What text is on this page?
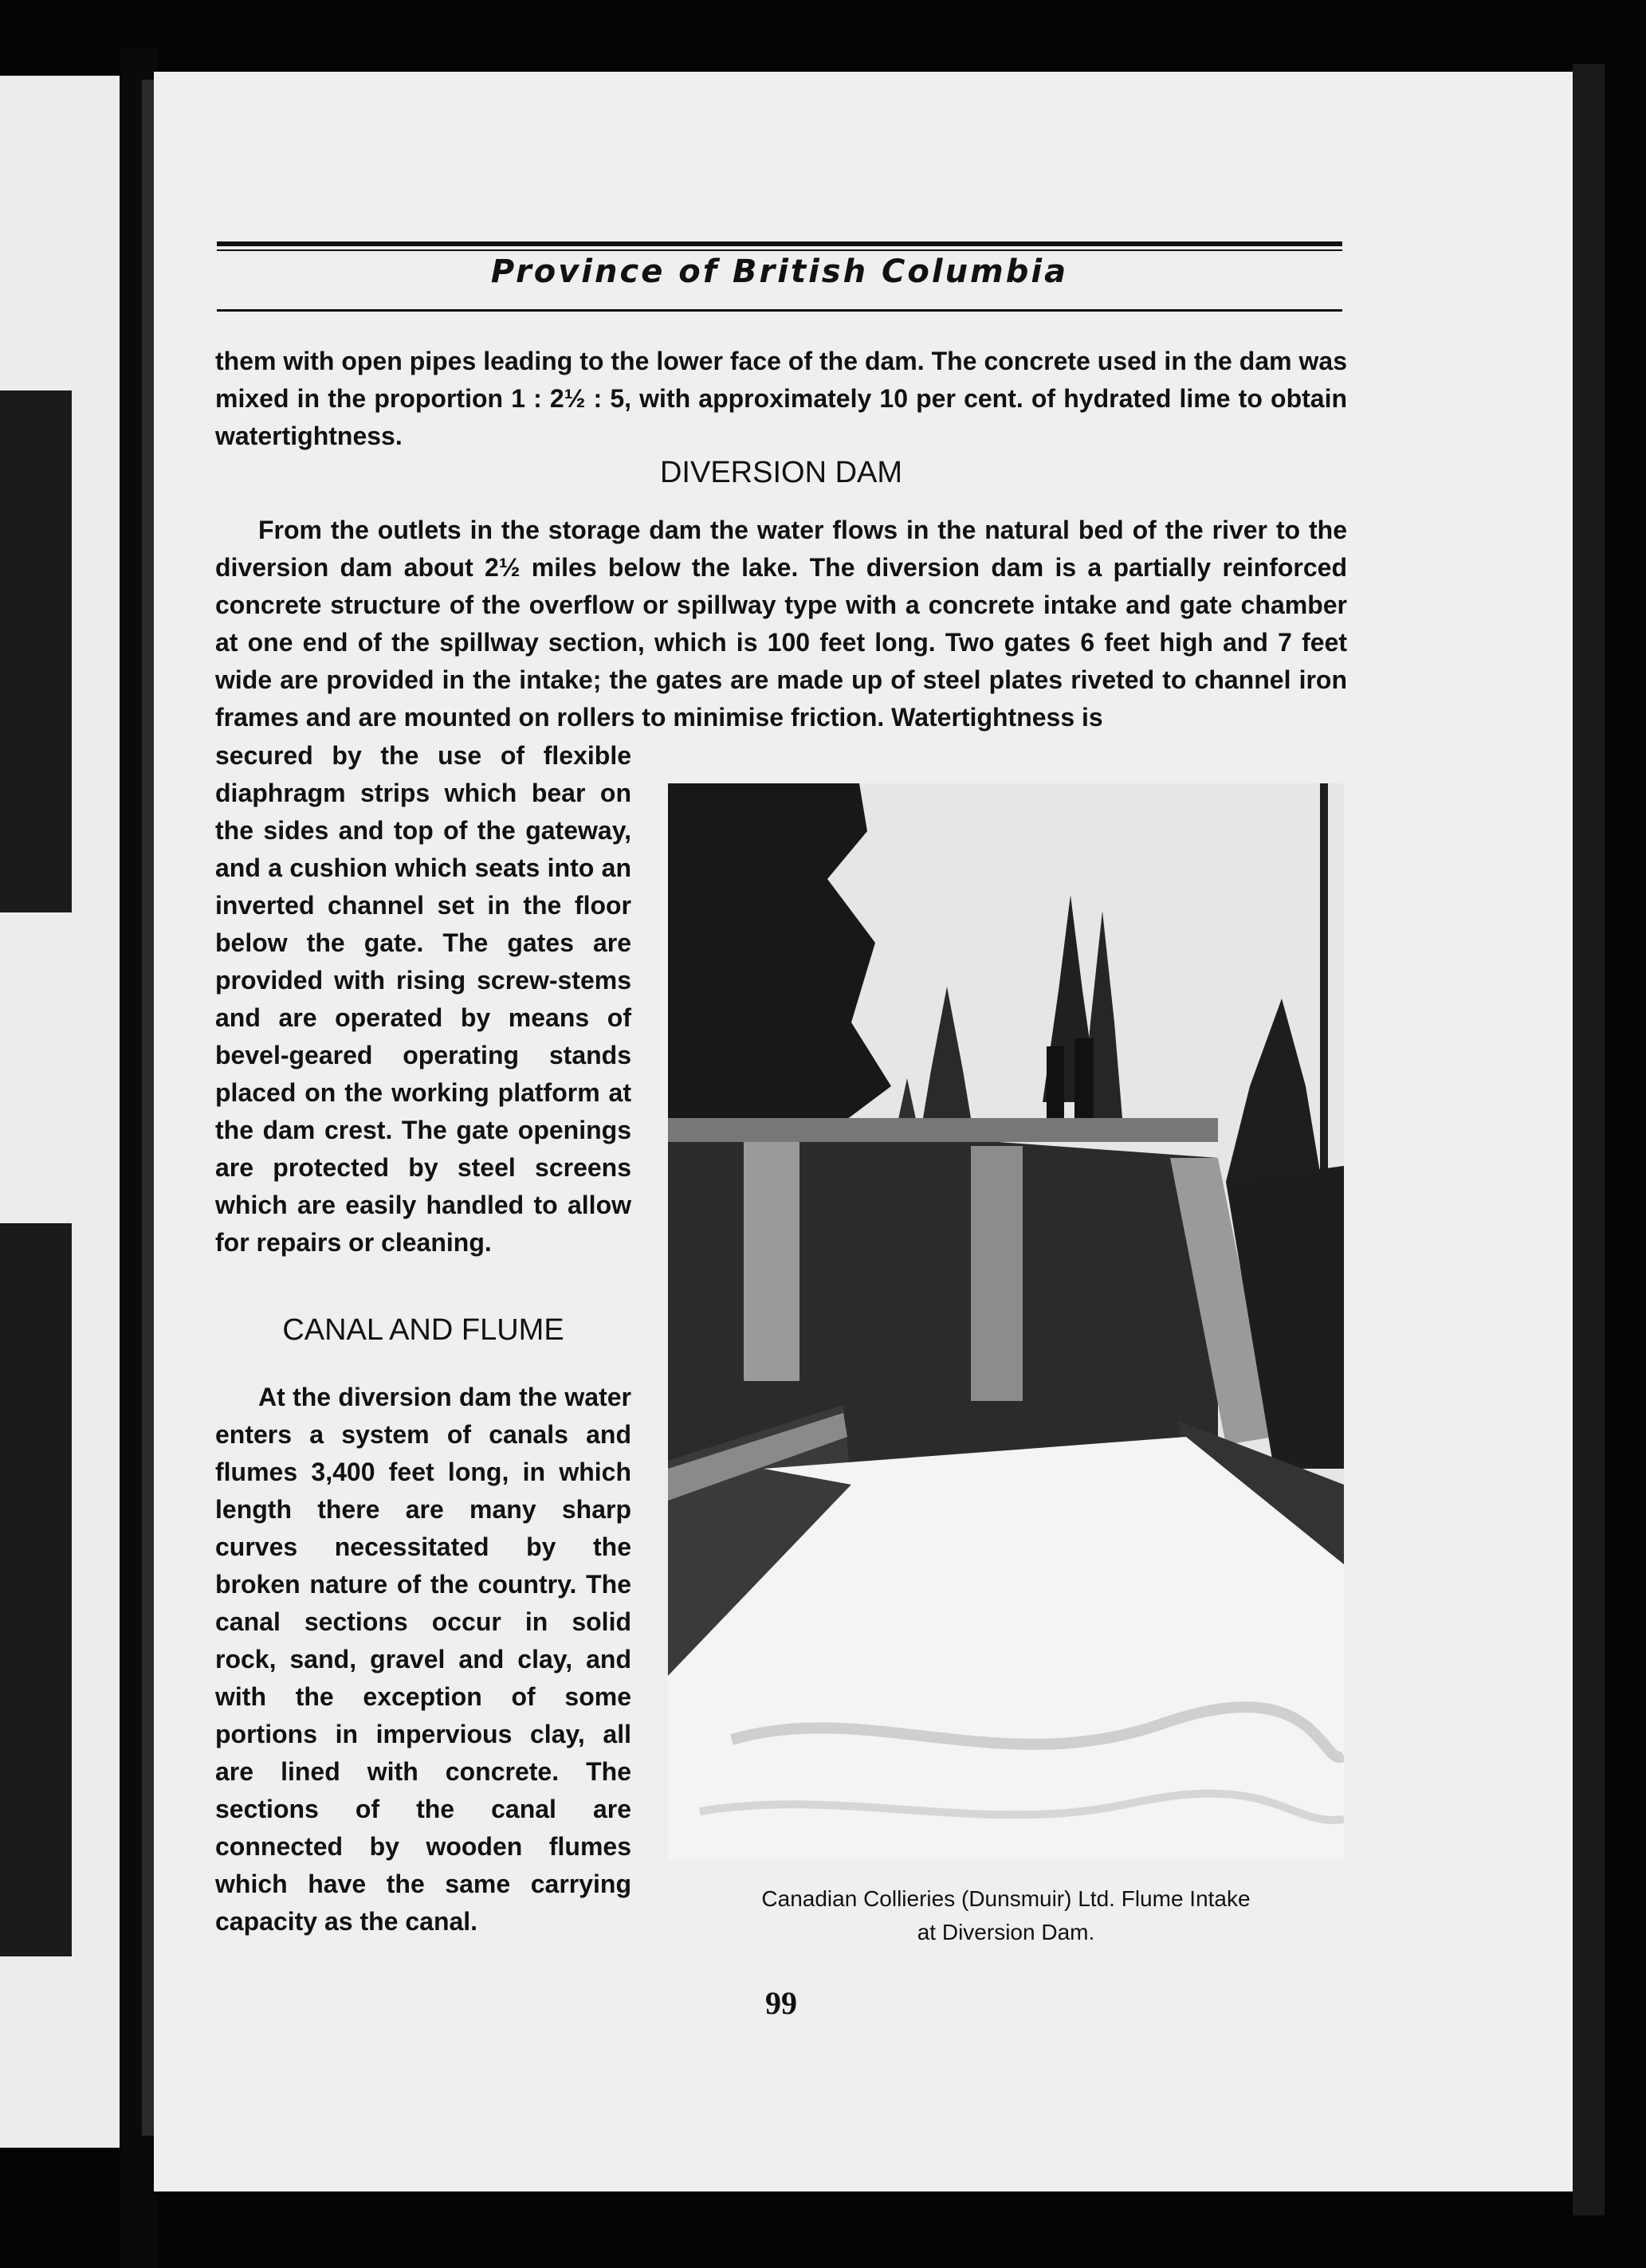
Province of British Columbia

them with open pipes leading to the lower face of the dam. The concrete used in the dam was mixed in the proportion 1 : 2½ : 5, with approximately 10 per cent. of hydrated lime to obtain watertightness.

DIVERSION DAM

From the outlets in the storage dam the water flows in the natural bed of the river to the diversion dam about 2½ miles below the lake. The diversion dam is a partially reinforced concrete structure of the overflow or spillway type with a concrete intake and gate chamber at one end of the spillway section, which is 100 feet long. Two gates 6 feet high and 7 feet wide are provided in the intake; the gates are made up of steel plates riveted to channel iron frames and are mounted on rollers to minimise friction. Watertightness is

secured by the use of flexible diaphragm strips which bear on the sides and top of the gateway, and a cushion which seats into an inverted channel set in the floor below the gate. The gates are provided with rising screw-stems and are operated by means of bevel-geared operating stands placed on the working platform at the dam crest. The gate openings are protected by steel screens which are easily handled to allow for repairs or cleaning.

CANAL AND FLUME

At the diversion dam the water enters a system of canals and flumes 3,400 feet long, in which length there are many sharp curves necessitated by the broken nature of the country. The canal sections occur in solid rock, sand, gravel and clay, and with the exception of some portions in impervious clay, all are lined with concrete. The sections of the canal are connected by wooden flumes which have the same carrying capacity as the canal.

Canadian Collieries (Dunsmuir) Ltd. Flume Intake

at Diversion Dam.

99
